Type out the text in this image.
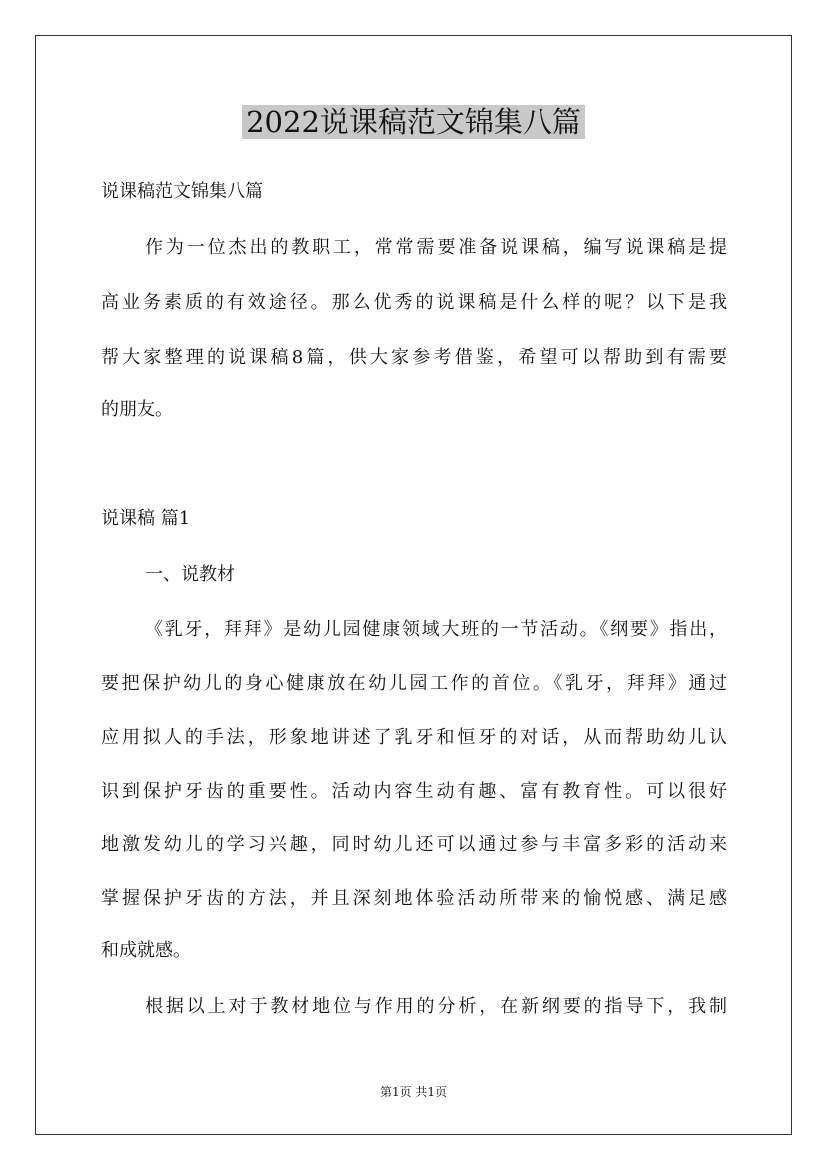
2022说课稿范文锦集八篇

说课稿范文锦集八篇

作为一位杰出的教职工，常常需要准备说课稿，编写说课稿是提

高业务素质的有效途径。那么优秀的说课稿是什么样的呢？以下是我

帮大家整理的说课稿8篇，供大家参考借鉴，希望可以帮助到有需要

的朋友。

说课稿 篇1

一、说教材

《乳牙，拜拜》是幼儿园健康领域大班的一节活动。《纲要》指出，

要把保护幼儿的身心健康放在幼儿园工作的首位。《乳牙，拜拜》通过

应用拟人的手法，形象地讲述了乳牙和恒牙的对话，从而帮助幼儿认

识到保护牙齿的重要性。活动内容生动有趣、富有教育性。可以很好

地激发幼儿的学习兴趣，同时幼儿还可以通过参与丰富多彩的活动来

掌握保护牙齿的方法，并且深刻地体验活动所带来的愉悦感、满足感

和成就感。

根据以上对于教材地位与作用的分析，在新纲要的指导下，我制

第1页 共1页
